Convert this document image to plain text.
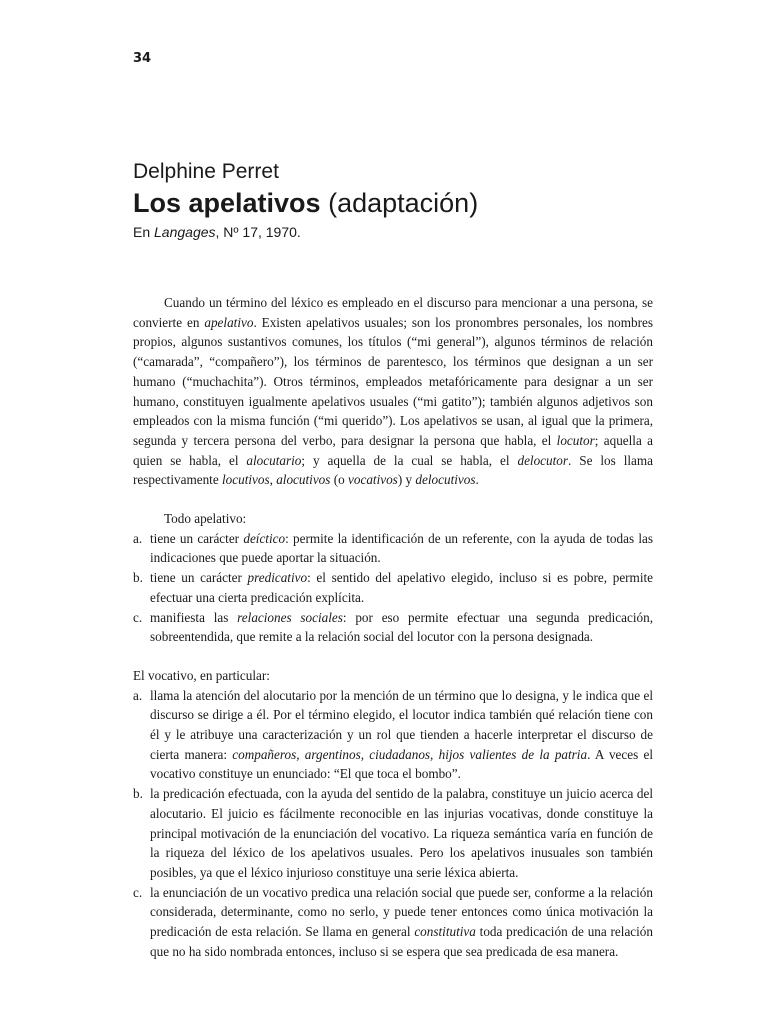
34
Delphine Perret
Los apelativos (adaptación)
En Langages, Nº 17, 1970.

Cuando un término del léxico es empleado en el discurso para mencionar a una persona, se convierte en apelativo. Existen apelativos usuales; son los pronombres personales, los nombres propios, algunos sustantivos comunes, los títulos (“mi general”), algunos términos de relación (“camarada”, “compañero”), los términos de parentesco, los términos que designan a un ser humano (“muchachita”). Otros términos, empleados metafóricamente para designar a un ser humano, constituyen igualmente apelativos usuales (“mi gatito”); también algunos adjetivos son empleados con la misma función (“mi querido”). Los apelativos se usan, al igual que la primera, segunda y tercera persona del verbo, para designar la persona que habla, el locutor; aquella a quien se habla, el alocutario; y aquella de la cual se habla, el delocutor. Se los llama respectivamente locutivos, alocutivos (o vocativos) y delocutivos.

Todo apelativo:

a. tiene un carácter deíctico: permite la identificación de un referente, con la ayuda de todas las indicaciones que puede aportar la situación.
b. tiene un carácter predicativo: el sentido del apelativo elegido, incluso si es pobre, permite efectuar una cierta predicación explícita.
c. manifiesta las relaciones sociales: por eso permite efectuar una segunda predicación, sobreentendida, que remite a la relación social del locutor con la persona designada.

El vocativo, en particular:

a. llama la atención del alocutario por la mención de un término que lo designa, y le indica que el discurso se dirige a él. Por el término elegido, el locutor indica también qué relación tiene con él y le atribuye una caracterización y un rol que tienden a hacerle interpretar el discurso de cierta manera: compañeros, argentinos, ciudadanos, hijos valientes de la patria. A veces el vocativo constituye un enunciado: “El que toca el bombo”.
b. la predicación efectuada, con la ayuda del sentido de la palabra, constituye un juicio acerca del alocutario. El juicio es fácilmente reconocible en las injurias vocativas, donde constituye la principal motivación de la enunciación del vocativo. La riqueza semántica varía en función de la riqueza del léxico de los apelativos usuales. Pero los apelativos inusuales son también posibles, ya que el léxico injurioso constituye una serie léxica abierta.
c. la enunciación de un vocativo predica una relación social que puede ser, conforme a la relación considerada, determinante, como no serlo, y puede tener entonces como única motivación la predicación de esta relación. Se llama en general constitutiva toda predicación de una relación que no ha sido nombrada entonces, incluso si se espera que sea predicada de esa manera.
